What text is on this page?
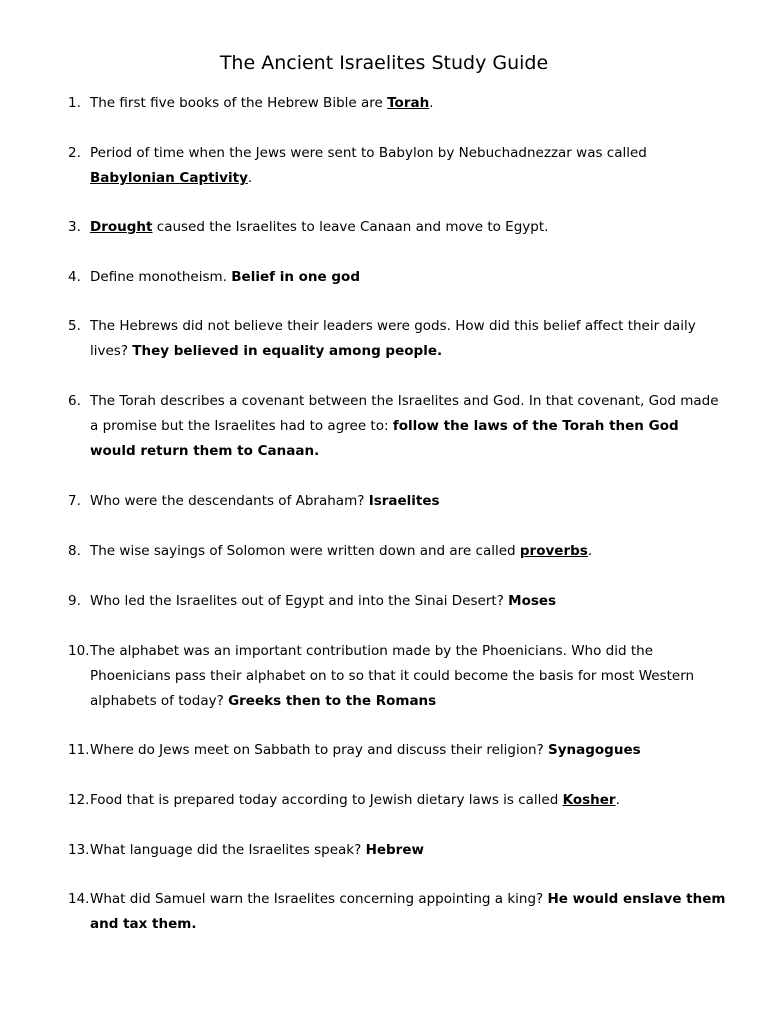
The Ancient Israelites Study Guide
1. The first five books of the Hebrew Bible are Torah.
2. Period of time when the Jews were sent to Babylon by Nebuchadnezzar was called Babylonian Captivity.
3. Drought caused the Israelites to leave Canaan and move to Egypt.
4. Define monotheism. Belief in one god
5. The Hebrews did not believe their leaders were gods. How did this belief affect their daily lives? They believed in equality among people.
6. The Torah describes a covenant between the Israelites and God. In that covenant, God made a promise but the Israelites had to agree to: follow the laws of the Torah then God would return them to Canaan.
7. Who were the descendants of Abraham? Israelites
8. The wise sayings of Solomon were written down and are called proverbs.
9. Who led the Israelites out of Egypt and into the Sinai Desert? Moses
10. The alphabet was an important contribution made by the Phoenicians. Who did the Phoenicians pass their alphabet on to so that it could become the basis for most Western alphabets of today? Greeks then to the Romans
11. Where do Jews meet on Sabbath to pray and discuss their religion? Synagogues
12. Food that is prepared today according to Jewish dietary laws is called Kosher.
13. What language did the Israelites speak? Hebrew
14. What did Samuel warn the Israelites concerning appointing a king? He would enslave them and tax them.
